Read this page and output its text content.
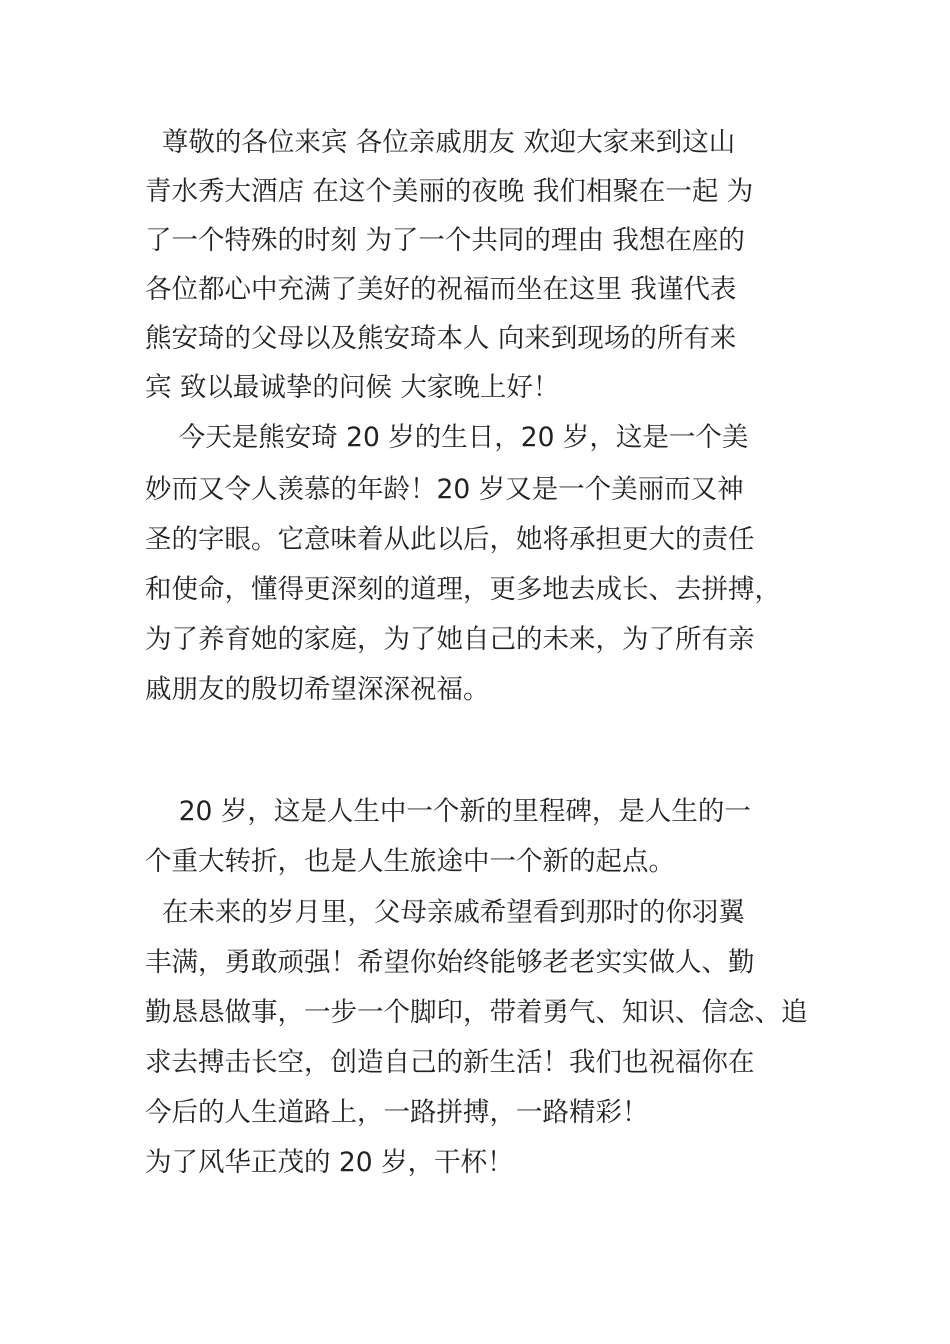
尊敬的各位来宾 各位亲戚朋友 欢迎大家来到这山
青水秀大酒店 在这个美丽的夜晚 我们相聚在一起 为
了一个特殊的时刻 为了一个共同的理由 我想在座的
各位都心中充满了美好的祝福而坐在这里 我谨代表
熊安琦的父母以及熊安琦本人 向来到现场的所有来
宾 致以最诚挚的问候 大家晚上好！
今天是熊安琦 20 岁的生日，20 岁，这是一个美
妙而又令人羡慕的年龄！20 岁又是一个美丽而又神
圣的字眼。它意味着从此以后，她将承担更大的责任
和使命，懂得更深刻的道理，更多地去成长、去拼搏，
为了养育她的家庭，为了她自己的未来，为了所有亲
戚朋友的殷切希望深深祝福。
20 岁，这是人生中一个新的里程碑，是人生的一
个重大转折，也是人生旅途中一个新的起点。
在未来的岁月里，父母亲戚希望看到那时的你羽翼
丰满，勇敢顽强！希望你始终能够老老实实做人、勤
勤恳恳做事，一步一个脚印，带着勇气、知识、信念、追
求去搏击长空，创造自己的新生活！我们也祝福你在
今后的人生道路上，一路拼搏，一路精彩！
为了风华正茂的 20 岁，干杯！
